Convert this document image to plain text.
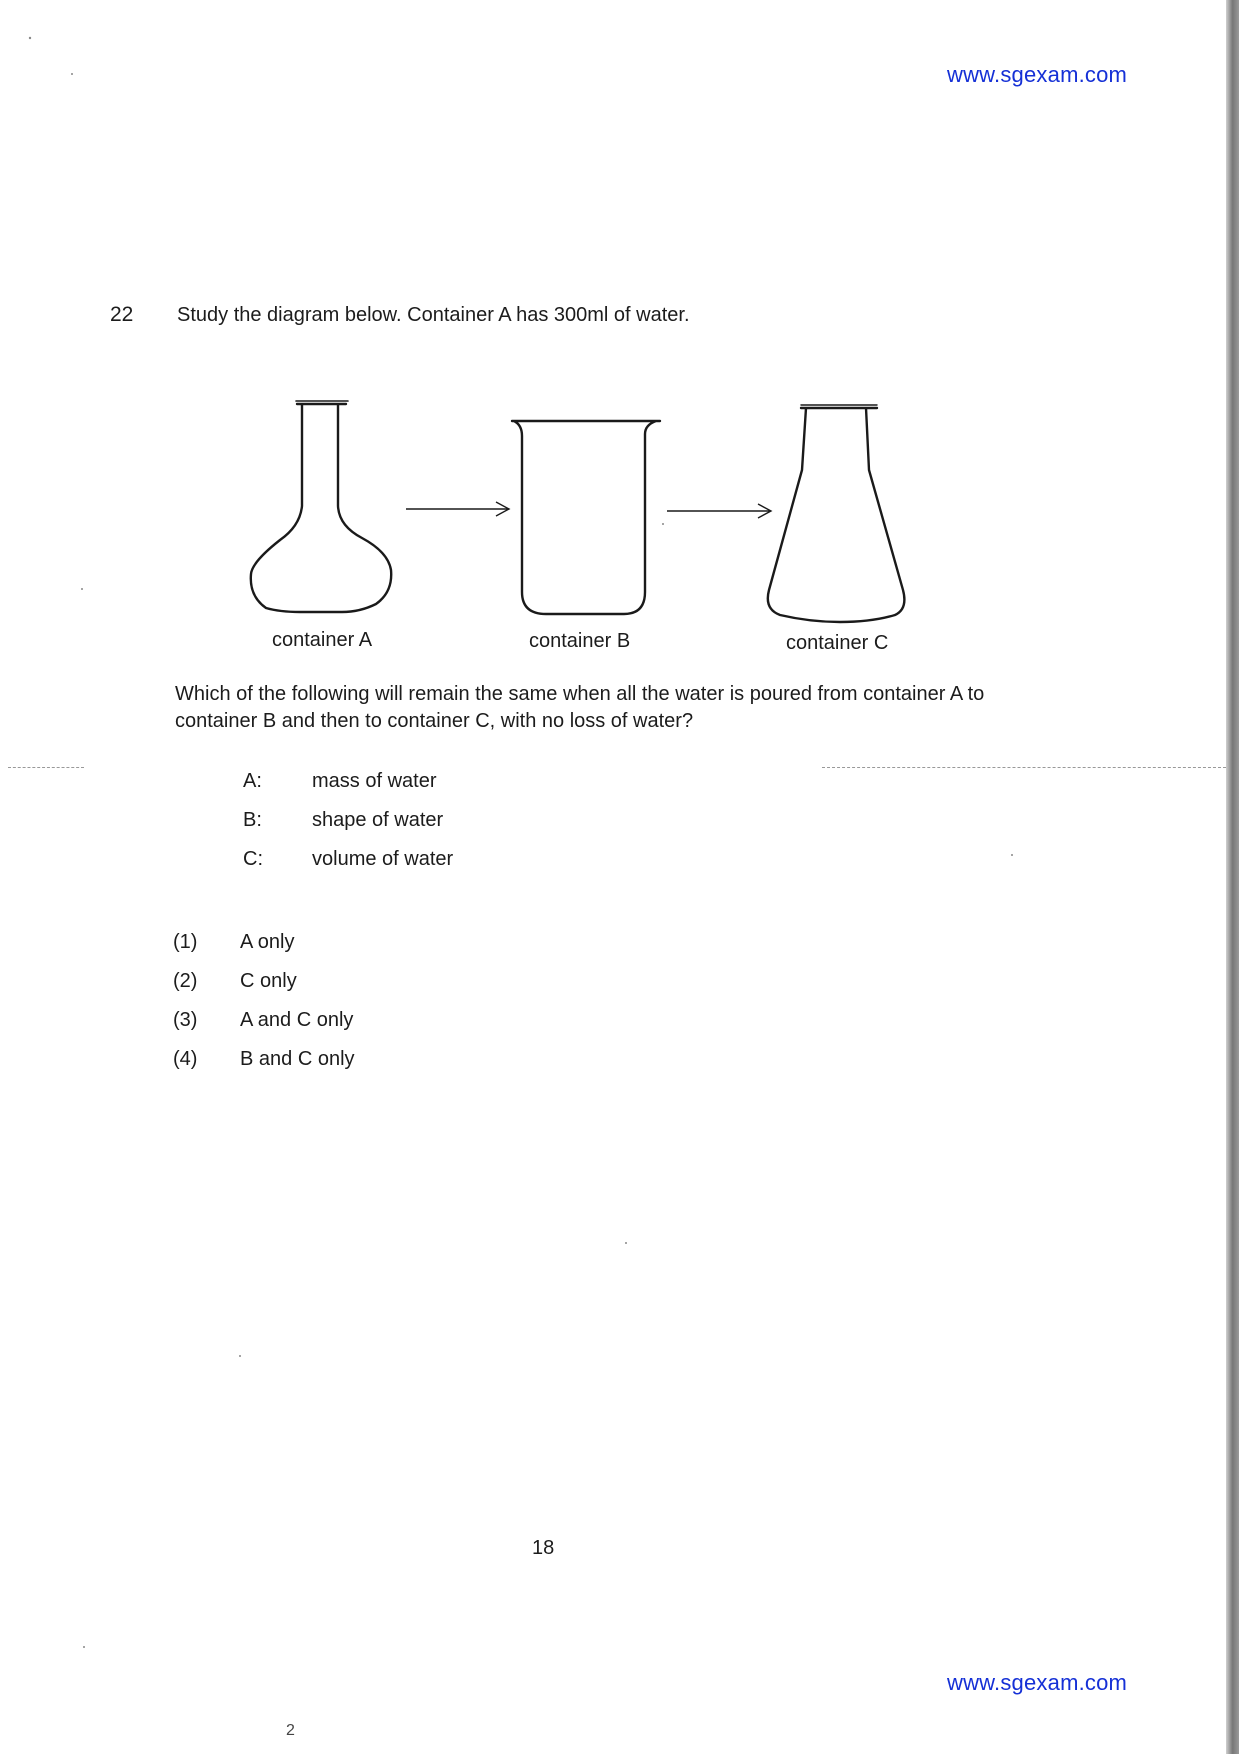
www.sgexam.com
22 Study the diagram below. Container A has 300ml of water.
container A	container B	container C
Which of the following will remain the same when all the water is poured from container A to container B and then to container C, with no loss of water?
A:	mass of water
B:	shape of water
C: volume of water
(1) A only
(2) C only
(3) A and C only
(4) B and C only
18
www.sgexam.com
2
